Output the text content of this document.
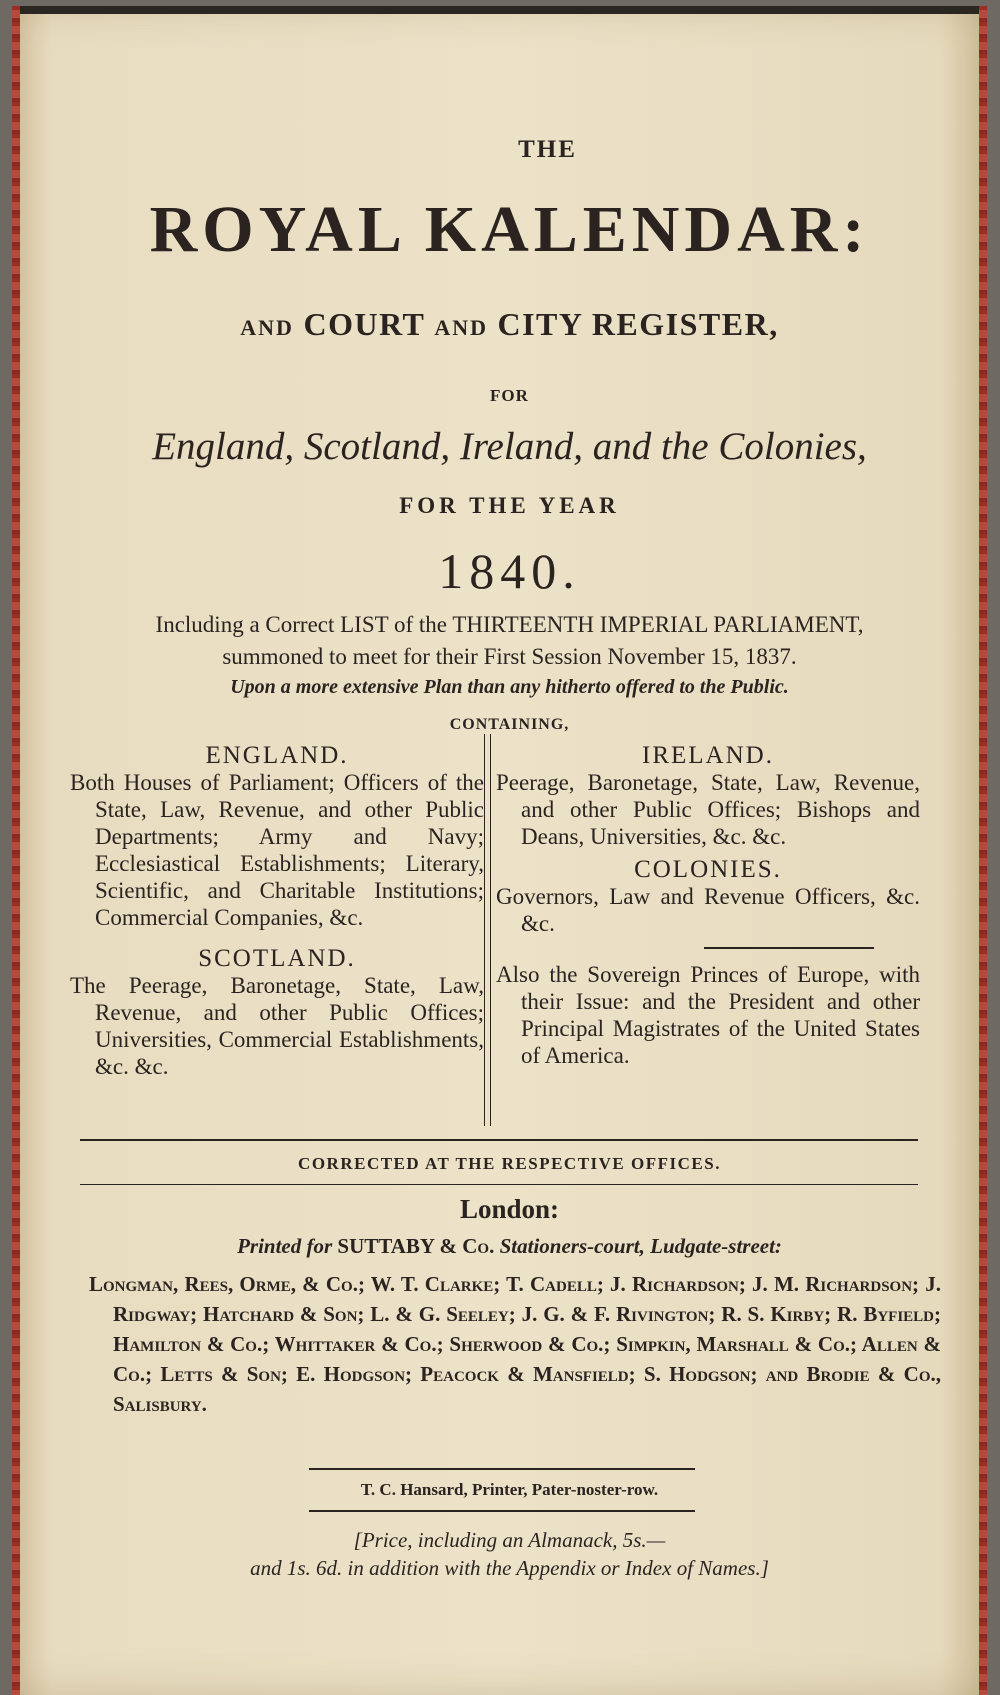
THE
ROYAL KALENDAR:
AND COURT AND CITY REGISTER,
FOR
England, Scotland, Ireland, and the Colonies,
FOR THE YEAR
1840.
Including a Correct LIST of the THIRTEENTH IMPERIAL PARLIAMENT,
summoned to meet for their First Session November 15, 1837.
Upon a more extensive Plan than any hitherto offered to the Public.
CONTAINING,
ENGLAND.
Both Houses of Parliament; Officers of the State, Law, Revenue, and other Public Departments; Army and Navy; Ecclesiastical Establishments; Literary, Scientific, and Charitable Institutions; Commercial Companies, &c.
SCOTLAND.
The Peerage, Baronetage, State, Law, Revenue, and other Public Offices; Universities, Commercial Establishments, &c. &c.
IRELAND.
Peerage, Baronetage, State, Law, Revenue, and other Public Offices; Bishops and Deans, Universities, &c. &c.
COLONIES.
Governors, Law and Revenue Officers, &c. &c.
Also the Sovereign Princes of Europe, with their Issue: and the President and other Principal Magistrates of the United States of America.
CORRECTED AT THE RESPECTIVE OFFICES.
London:
Printed for SUTTABY & Co. Stationers-court, Ludgate-street:
Longman, Rees, Orme, & Co.; W. T. Clarke; T. Cadell; J. Richardson; J. M. Richardson; J. Ridgway; Hatchard & Son; L. & G. Seeley; J. G. & F. Rivington; R. S. Kirby; R. Byfield; Hamilton & Co.; Whittaker & Co.; Sherwood & Co.; Simpkin, Marshall & Co.; Allen & Co.; Letts & Son; E. Hodgson; Peacock & Mansfield; S. Hodgson; and Brodie & Co., Salisbury.
T. C. Hansard, Printer, Pater-noster-row.
[Price, including an Almanack, 5s.—
and 1s. 6d. in addition with the Appendix or Index of Names.]
